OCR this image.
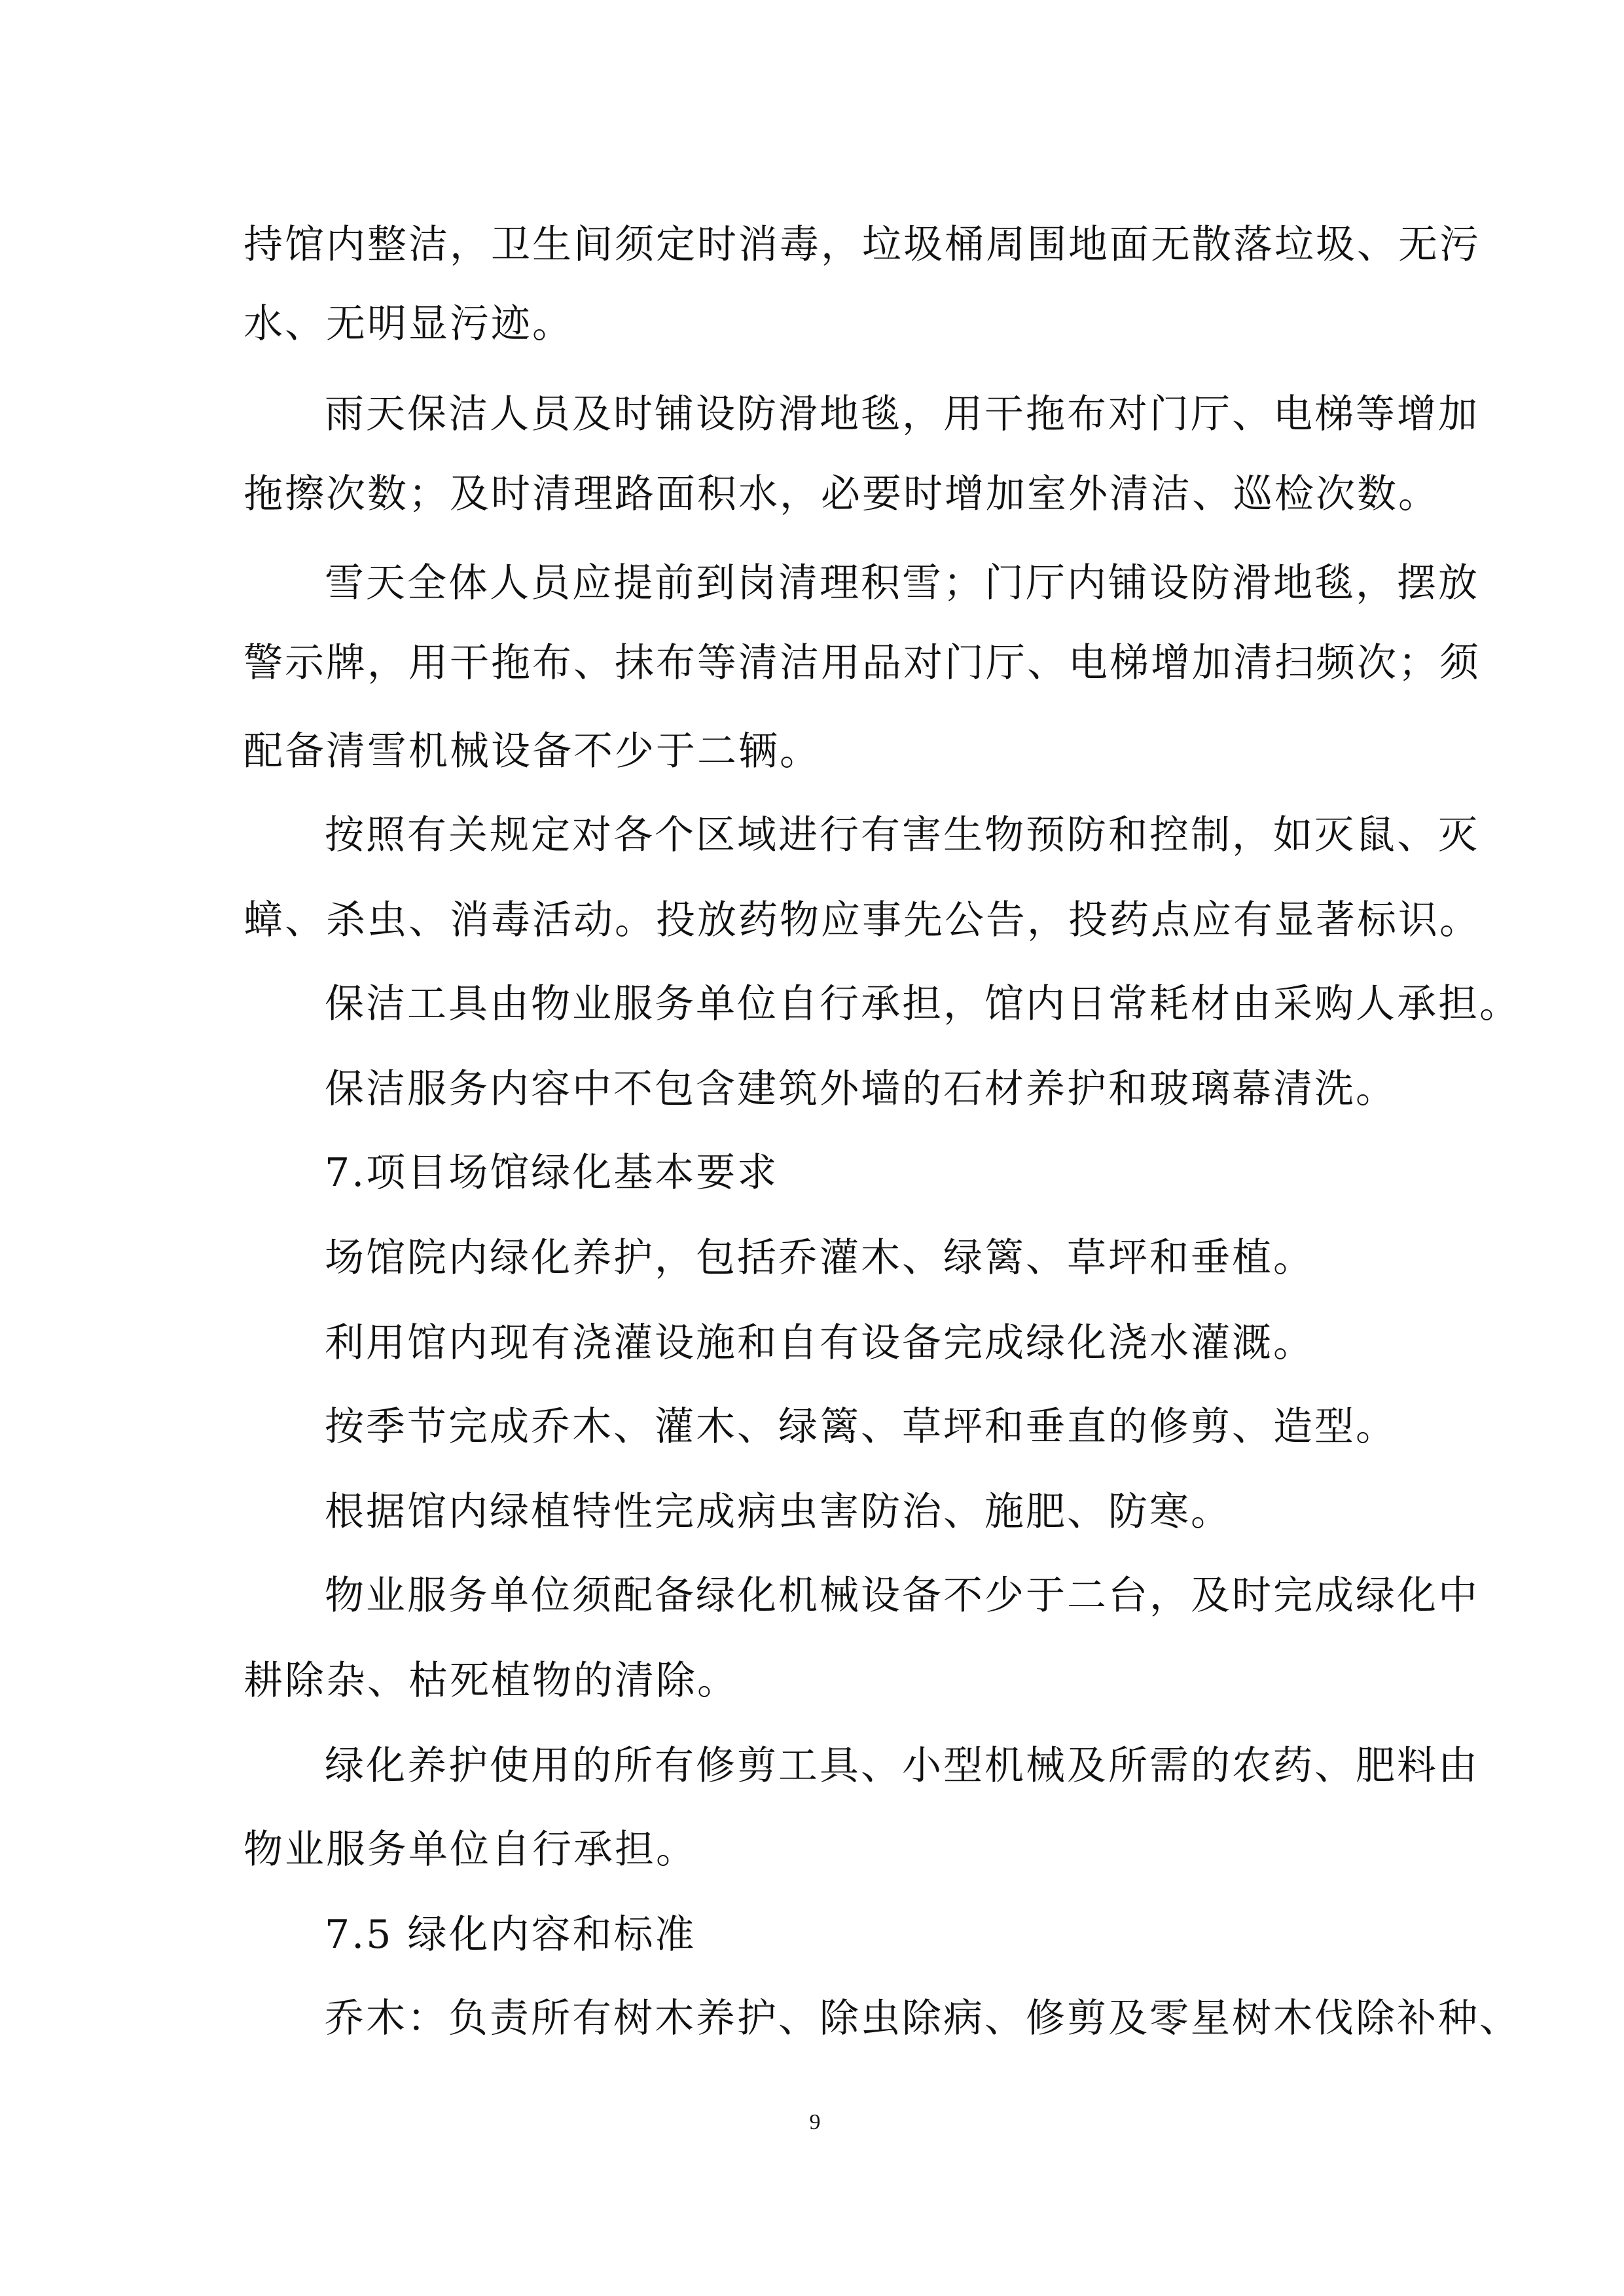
持馆内整洁，卫生间须定时消毒，垃圾桶周围地面无散落垃圾、无污
水、无明显污迹。
雨天保洁人员及时铺设防滑地毯，用干拖布对门厅、电梯等增加
拖擦次数；及时清理路面积水，必要时增加室外清洁、巡检次数。
雪天全体人员应提前到岗清理积雪；门厅内铺设防滑地毯，摆放
警示牌，用干拖布、抹布等清洁用品对门厅、电梯增加清扫频次；须
配备清雪机械设备不少于二辆。
按照有关规定对各个区域进行有害生物预防和控制，如灭鼠、灭
蟑、杀虫、消毒活动。投放药物应事先公告，投药点应有显著标识。
保洁工具由物业服务单位自行承担，馆内日常耗材由采购人承担。
保洁服务内容中不包含建筑外墙的石材养护和玻璃幕清洗。
7.项目场馆绿化基本要求
场馆院内绿化养护，包括乔灌木、绿篱、草坪和垂植。
利用馆内现有浇灌设施和自有设备完成绿化浇水灌溉。
按季节完成乔木、灌木、绿篱、草坪和垂直的修剪、造型。
根据馆内绿植特性完成病虫害防治、施肥、防寒。
物业服务单位须配备绿化机械设备不少于二台，及时完成绿化中
耕除杂、枯死植物的清除。
绿化养护使用的所有修剪工具、小型机械及所需的农药、肥料由
物业服务单位自行承担。
7.5 绿化内容和标准
乔木：负责所有树木养护、除虫除病、修剪及零星树木伐除补种、
9
